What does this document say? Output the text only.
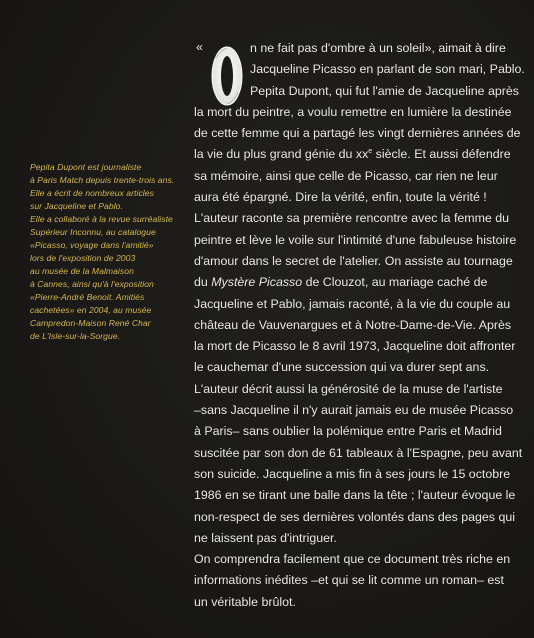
Pepita Dupont est journaliste
à Paris Match depuis trente-trois ans.
Elle a écrit de nombreux articles
sur Jacqueline et Pablo.
Elle a collaboré à la revue surréaliste
Supérieur Inconnu, au catalogue
«Picasso, voyage dans l'amitié»
lors de l'exposition de 2003
au musée de la Malmaison
à Cannes, ainsi qu'à l'exposition
«Pierre-André Benoit. Amitiés
cachetées» en 2004, au musée
Campredon-Maison René Char
de L'Isle-sur-la-Sorgue.
«	n ne fait pas d'ombre à un soleil», aimait à dire
Jacqueline Picasso en parlant de son mari, Pablo.
Pepita Dupont, qui fut l'amie de Jacqueline après
la mort du peintre, a voulu remettre en lumière la destinée
de cette femme qui a partagé les vingt dernières années de
la vie du plus grand génie du $xx^e$ siècle. Et aussi défendre
sa mémoire, ainsi que celle de Picasso, car rien ne leur
aura été épargné. Dire la vérité, enfin, toute la vérité !
L'auteur raconte sa première rencontre avec la femme du
peintre et lève le voile sur l'intimité d'une fabuleuse histoire
d'amour dans le secret de l'atelier. On assiste au tournage
du Mystère Picasso de Clouzot, au mariage caché de
Jacqueline et Pablo, jamais raconté, à la vie du couple au
château de Vauvenargues et à Notre-Dame-de-Vie. Après
la mort de Picasso le 8 avril 1973, Jacqueline doit affronter
le cauchemar d'une succession qui va durer sept ans.
L'auteur décrit aussi la générosité de la muse de l'artiste
–sans Jacqueline il n'y aurait jamais eu de musée Picasso
à Paris– sans oublier la polémique entre Paris et Madrid
suscitée par son don de 61 tableaux à l'Espagne, peu avant
son suicide. Jacqueline a mis fin à ses jours le 15 octobre
1986 en se tirant une balle dans la tête ; l'auteur évoque le
non-respect de ses dernières volontés dans des pages qui
ne laissent pas d'intriguer.
On comprendra facilement que ce document très riche en
informations inédites –et qui se lit comme un roman– est
un véritable brûlot.
